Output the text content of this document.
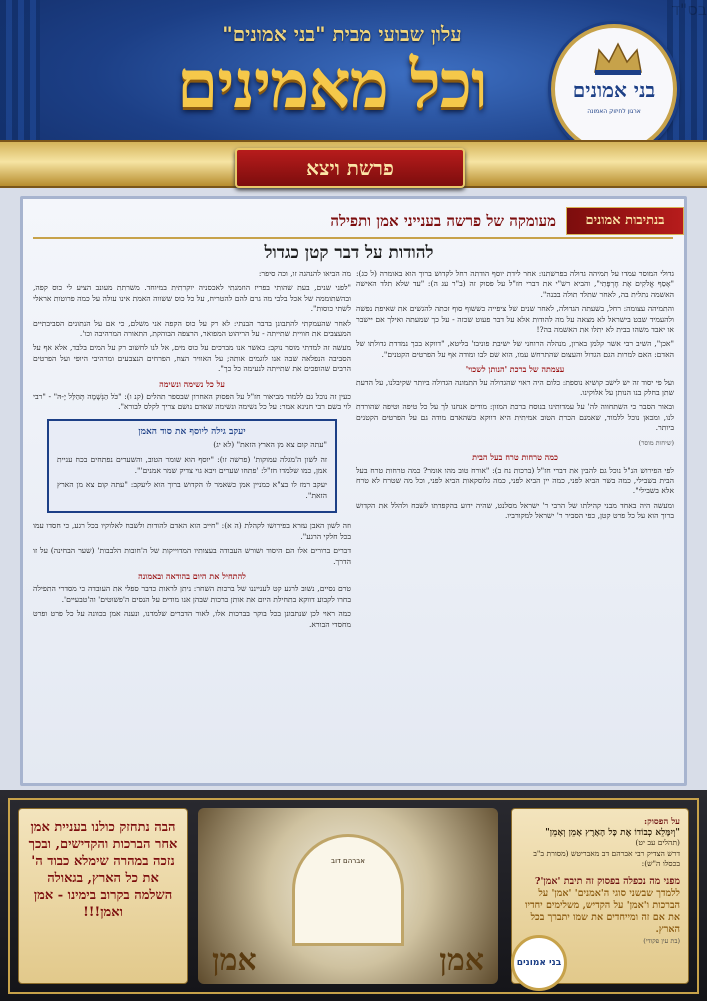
עלון שבועי מבית "בני אמונים"
וכל מאמינים	בני אמונים
ארגון לחיזוק האמונה
פרשת ויצא
בנתיבות אמונים
מעומקה של פרשה בענייני אמן ותפילה
להודות על דבר קטן כגדול

גדולי המוסר עמדו על תמיהה גדולה בפרשתנו: אחר לידת יוסף הודתה רחל לקדוש ברוך הוא באומרה (ל כג): "אָסַף אֱלֹקִים אֶת חֶרְפָּתִי", והביא רש"י את דברי חז"ל על פסוק זה (ב"ר עג ה): "עד שלא תלד האישה האשמה נתלית בה, לאחר שתלד תולה בבנה".

והתמיהה עצומה: רחל, בשעתה הגדולה, לאחר שנים של ציפייה כששוף סוף זכתה להגשים את שאיפת נפשה ולהעמיד שבט בישראל לא מצאה על מה להודות אלא על דבר פעוט שכזה - על כך שמעתה ואילך אם יישבר או יאבד משהו בבית לא יתלו את האשמה בה?!

"אכן", השיב רבי אשר קלמן בארון, מנהלה הרוחני של ישיבת פוניבז' בליטא, "דווקא בכך נמדדת גדולתו של האדם: האם למרות הגם הגדול והעצום שהתרחש עמו, הוא שם לבו ומודה אף על הפרטים הקטנים".

עצמתה של ברכת 'הנותן לשכוי'

ועל פי יסוד זה יש לישב קושיא נוספת: כלום היה ראוי שהגדולה על התמונה הגדולה ביותר שקיבלנו, על הדעת שתן בחלק בנו הנותן על אלוקינו.

ובאור הסבר כי השתחווה לה' על עמדותינו בנוסח ברכת המזון: מודים אנחנו לך על כל טיפה וטיפה שהורדת לנו, ומכאן נוכל ללמוד, שאמנם הכרת הטוב אמיתית היא דווקא כשהאדם מודה גם על הפרטים הקטנים ביותר.

(שיחות מוסר)

כמה טרחות טרח בעל הבית

לפי הפירוש הנ"ל נוכל גם להבין את דברי חז"ל (ברכות נח ב): "אורח טוב מהו אומר? כמה טרחות טרח בעל הבית בשבילי, כמה בשר הביא לפני, כמה יין הביא לפני, כמה גלוסקאות הביא לפני, וכל מה שטרח לא טרח אלא בשבילי".

ומעשה היה באחד מבני קהילתו של הרבי ר' ישראל מסלנט, שהיה ידוע בהקפדתו לשבח ולהלל את הקדוש ברוך הוא על כל פרט קטן, כפי הסביר ר' ישראל למקורביו.

מה הביאו להנהגה זו, וכה סיפר:

"לפני שנים, בעת שהותי בפריז הוזמנתי לאכסניה יוקרתית במיוחד. משרתת מעונב הציע לי כוס קפה, ובהשתוממה של אכל בלבי מה גרם להם להטריח, על כל כוס ששווה האמת אינו עולה על כמה פרוטות אראלי לשתי כוסות".

לאחר שהעמקתי להתבונן בדבר הבנתי: לא רק על כוס הקפה אני משלם, כי אם על הנתונים הסביבתיים המעצבים את חוויית שתייתה - על הריהוט המפואר, הרצפה הבוהקת, התאורה המרהיבה וכו'.

מעשה זה למדתי מוסר נוקב: כאשר אנו מברכים על כוס מים, אל לנו לחשוב רק על המים בלבד, אלא אף על הסביבה הנפלאה שבה אנו לוגמים אותה; על האוויר הצח, הפרחים הנצבעים ומרהיבי היופי ועל הפרטים הרבים שהופכים את שתייתה לנעימה כל כך".

על כל נשימה ונשימה

כעין זה נוכל גם ללמוד מביאור חז"ל על הפסוק האחרון שבספר תהלים (קנ ו): "כֹּל הַנְּשָׁמָה תְּהַלֵּל יָ-הּ" - "רבי לוי בשם רבי חנינא אמר: על כל נשימה ונשימה שאדם נושם צריך לקלס לבורא".

יעקב גילה ליוסף את סוד האמן

"עתה קום צא מן הארץ הזאת" (לא יג)

זה לשון ה'מגלה עמוקות' (פרשה זו): "יוסף הוא שומר הטוב, והשערים נפתחים בכח עניית אמן, כמו שלמדו חז"ל: 'פתחו שערים ויבא גוי צדיק שמר אמנים'".

יעקב רמז לו בצ"א כמניין אמן כשאמר לו הקדוש ברוך הוא ליעקב: "עתה קום צא מן הארץ הזאת".

וזה לשון האבן עזרא בפירושו לקהלת (ה א): "חייב הוא האדם להודות ולשבח לאלוקיו בכל רגע, כי חסדו עמו בכל חלקי הרגע".

דברים ברורים אלו הם היסוד ושורש העבודה בעצותיו המדוייקות של ה'חובות הלבבות' (שער הבחינה) על זו הדרך.

להתחיל את היום בהודאה ובאמונה

טרם נסיים, נשוב לרגע קט לענייננו של ברכות השחר: ניתן לראות כדבר ספלי את העובדה כי מסדרי התפילה בחרו לקבוע דווקא בתחילת היום את אותן ברכות שבהן אנו מודים על הנסים ה'פשוטים' וה'טבעיים'.

כמה ראוי לכן שנתבונן בכל בוקר בברכות אלו, לאור הדברים שלמדנו, ונענה אמן בכוונה על כל פרט ופרט מחסדי הבורא.

על הפסוק:
"וְיִמָּלֵא כְבוֹדוֹ אֶת כָּל הָאָרֶץ אָמֵן וְאָמֵן"
(תהלים עב יט)
דרש הצדיק רבי אברהם דב מאבריטש (מסורת ב"ב בכסלו ה"ש):
מפני מה נכפלה בפסוק זה תיבת 'אמן'?
ללמדך שבשני סוגי ה'אמנים' 'אמן' על הברכות ו'אמן' על הקדיש, משלימים יחדיו את אם זה ומייחדים את שמו יתברך בכל הארץ.
(בת עין פקודי)
אברהם דוב
אמן
אמן	בני אמונים
הבה נתחזק כולנו בעניית אמן אחר הברכות והקדישים, ובכך נזכה במהרה שימלא כבוד ה' את כל הארץ, בגאולה השלמה בקרוב בימינו - אמן ואמן!!!
